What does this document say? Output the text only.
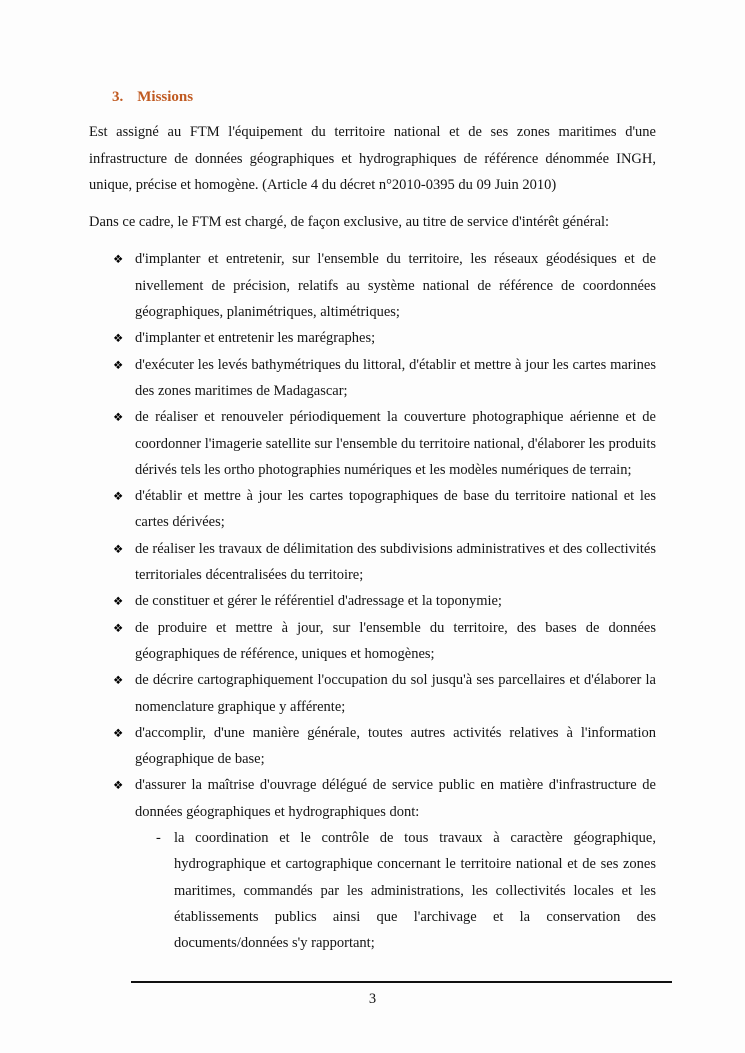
3. Missions

Est assigné au FTM l'équipement du territoire national et de ses zones maritimes d'une infrastructure de données géographiques et hydrographiques de référence dénommée INGH, unique, précise et homogène. (Article 4 du décret n°2010-0395 du 09 Juin 2010)

Dans ce cadre, le FTM est chargé, de façon exclusive, au titre de service d'intérêt général:

❖ d'implanter et entretenir, sur l'ensemble du territoire, les réseaux géodésiques et de nivellement de précision, relatifs au système national de référence de coordonnées géographiques, planimétriques, altimétriques;
❖ d'implanter et entretenir les marégraphes;
❖ d'exécuter les levés bathymétriques du littoral, d'établir et mettre à jour les cartes marines des zones maritimes de Madagascar;
❖ de réaliser et renouveler périodiquement la couverture photographique aérienne et de coordonner l'imagerie satellite sur l'ensemble du territoire national, d'élaborer les produits dérivés tels les ortho photographies numériques et les modèles numériques de terrain;
❖ d'établir et mettre à jour les cartes topographiques de base du territoire national et les cartes dérivées;
❖ de réaliser les travaux de délimitation des subdivisions administratives et des collectivités territoriales décentralisées du territoire;
❖ de constituer et gérer le référentiel d'adressage et la toponymie;
❖ de produire et mettre à jour, sur l'ensemble du territoire, des bases de données géographiques de référence, uniques et homogènes;
❖ de décrire cartographiquement l'occupation du sol jusqu'à ses parcellaires et d'élaborer la nomenclature graphique y afférente;
❖ d'accomplir, d'une manière générale, toutes autres activités relatives à l'information géographique de base;
❖ d'assurer la maîtrise d'ouvrage délégué de service public en matière d'infrastructure de données géographiques et hydrographiques dont:
- la coordination et le contrôle de tous travaux à caractère géographique, hydrographique et cartographique concernant le territoire national et de ses zones maritimes, commandés par les administrations, les collectivités locales et les établissements publics ainsi que l'archivage et la conservation des documents/données s'y rapportant;
3
